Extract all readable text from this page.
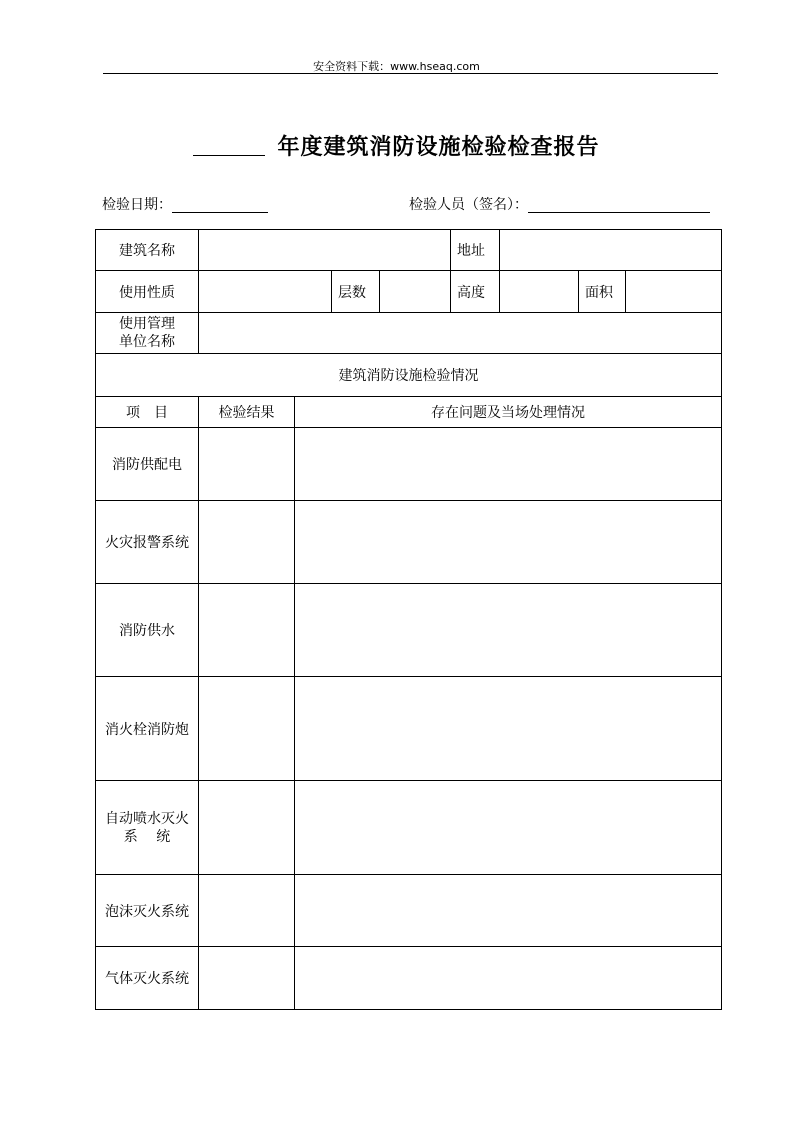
安全资料下载：www.hseaq.com
年度建筑消防设施检验检查报告
检验日期：	检验人员（签名）：
建筑名称					地址			
使用性质			层数		高度		面积	

使用管理
单位名称								

建筑消防设施检验情况								
项　目	检验结果	存在问题及当场处理情况						
消防供配电								
火灾报警系统								
消防供水								
消火栓消防炮								

自动喷水灭火
系　 统								

泡沫灭火系统								
气体灭火系统								
